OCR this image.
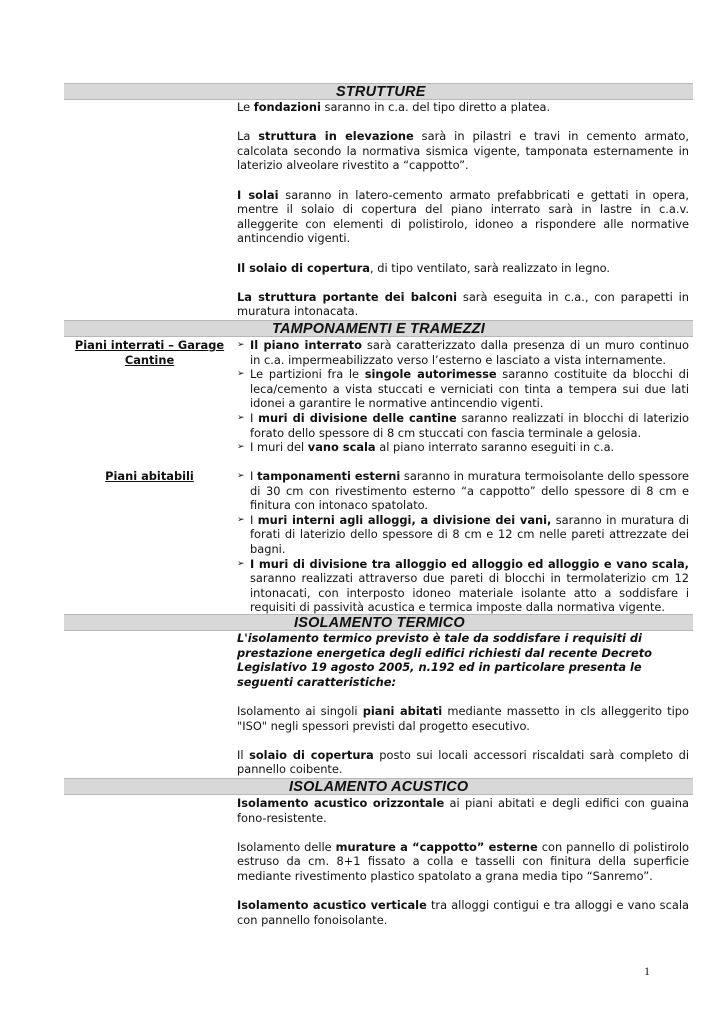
STRUTTURE

Le fondazioni saranno in c.a. del tipo diretto a platea.

La struttura in elevazione sarà in pilastri e travi in cemento armato, calcolata secondo la normativa sismica vigente, tamponata esternamente in laterizio alveolare rivestito a “cappotto”.

I solai saranno in latero-cemento armato prefabbricati e gettati in opera, mentre il solaio di copertura del piano interrato sarà in lastre in c.a.v. alleggerite con elementi di polistirolo, idoneo a rispondere alle normative antincendio vigenti.

Il solaio di copertura, di tipo ventilato, sarà realizzato in legno.

La struttura portante dei balconi sarà eseguita in c.a., con parapetti in muratura intonacata.

TAMPONAMENTI E TRAMEZZI
Piani interrati – Garage Cantine
➢ Il piano interrato sarà caratterizzato dalla presenza di un muro continuo in c.a. impermeabilizzato verso l’esterno e lasciato a vista internamente.
➢ Le partizioni fra le singole autorimesse saranno costituite da blocchi di leca/cemento a vista stuccati e verniciati con tinta a tempera sui due lati idonei a garantire le normative antincendio vigenti.
➢ I muri di divisione delle cantine saranno realizzati in blocchi di laterizio forato dello spessore di 8 cm stuccati con fascia terminale a gelosia.
➢ I muri del vano scala al piano interrato saranno eseguiti in c.a.
Piani abitabili	➢ I tamponamenti esterni saranno in muratura termoisolante dello spessore di 30 cm con rivestimento esterno “a cappotto” dello spessore di 8 cm e finitura con intonaco spatolato.
➢ I muri interni agli alloggi, a divisione dei vani, saranno in muratura di forati di laterizio dello spessore di 8 cm e 12 cm nelle pareti attrezzate dei bagni.
➢ I muri di divisione tra alloggio ed alloggio ed alloggio e vano scala, saranno realizzati attraverso due pareti di blocchi in termolaterizio cm 12 intonacati, con interposto idoneo materiale isolante atto a soddisfare i requisiti di passività acustica e termica imposte dalla normativa vigente.
ISOLAMENTO TERMICO

L'isolamento termico previsto è tale da soddisfare i requisiti di prestazione energetica degli edifici richiesti dal recente Decreto Legislativo 19 agosto 2005, n.192 ed in particolare presenta le seguenti caratteristiche:

Isolamento ai singoli piani abitati mediante massetto in cls alleggerito tipo "ISO" negli spessori previsti dal progetto esecutivo.

Il solaio di copertura posto sui locali accessori riscaldati sarà completo di pannello coibente.

ISOLAMENTO ACUSTICO

Isolamento acustico orizzontale ai piani abitati e degli edifici con guaina fono-resistente.

Isolamento delle murature a “cappotto” esterne con pannello di polistirolo estruso da cm. 8+1 fissato a colla e tasselli con finitura della superficie mediante rivestimento plastico spatolato a grana media tipo “Sanremo”.

Isolamento acustico verticale tra alloggi contigui e tra alloggi e vano scala con pannello fonoisolante.

1
